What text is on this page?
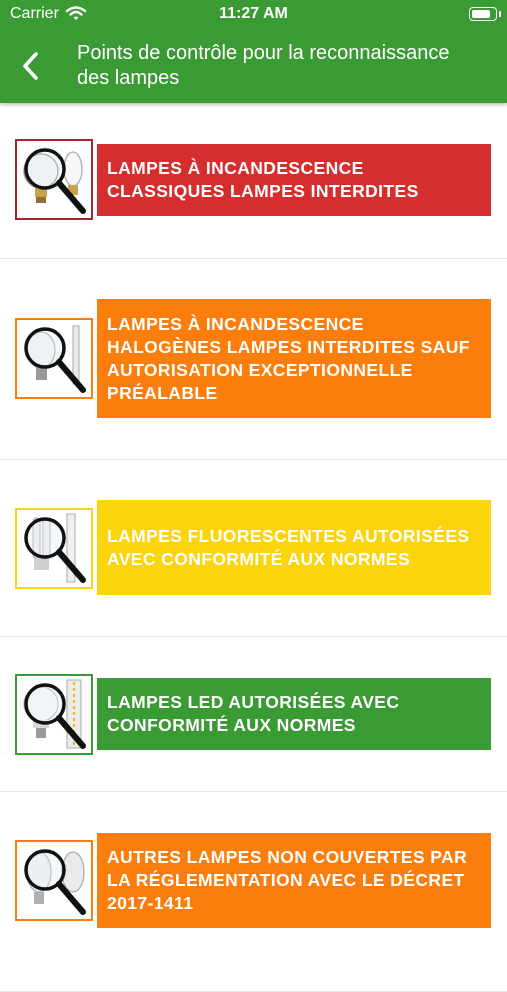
Carrier	11:27 AM
Points de contrôle pour la reconnaissance des lampes
LAMPES À INCANDESCENCE CLASSIQUES LAMPES INTERDITES
LAMPES À INCANDESCENCE HALOGÈNES LAMPES INTERDITES SAUF AUTORISATION EXCEPTIONNELLE PRÉALABLE
LAMPES FLUORESCENTES AUTORISÉES AVEC CONFORMITÉ AUX NORMES
LAMPES LED AUTORISÉES AVEC CONFORMITÉ AUX NORMES
AUTRES LAMPES NON COUVERTES PAR LA RÉGLEMENTATION AVEC LE DÉCRET 2017-1411
